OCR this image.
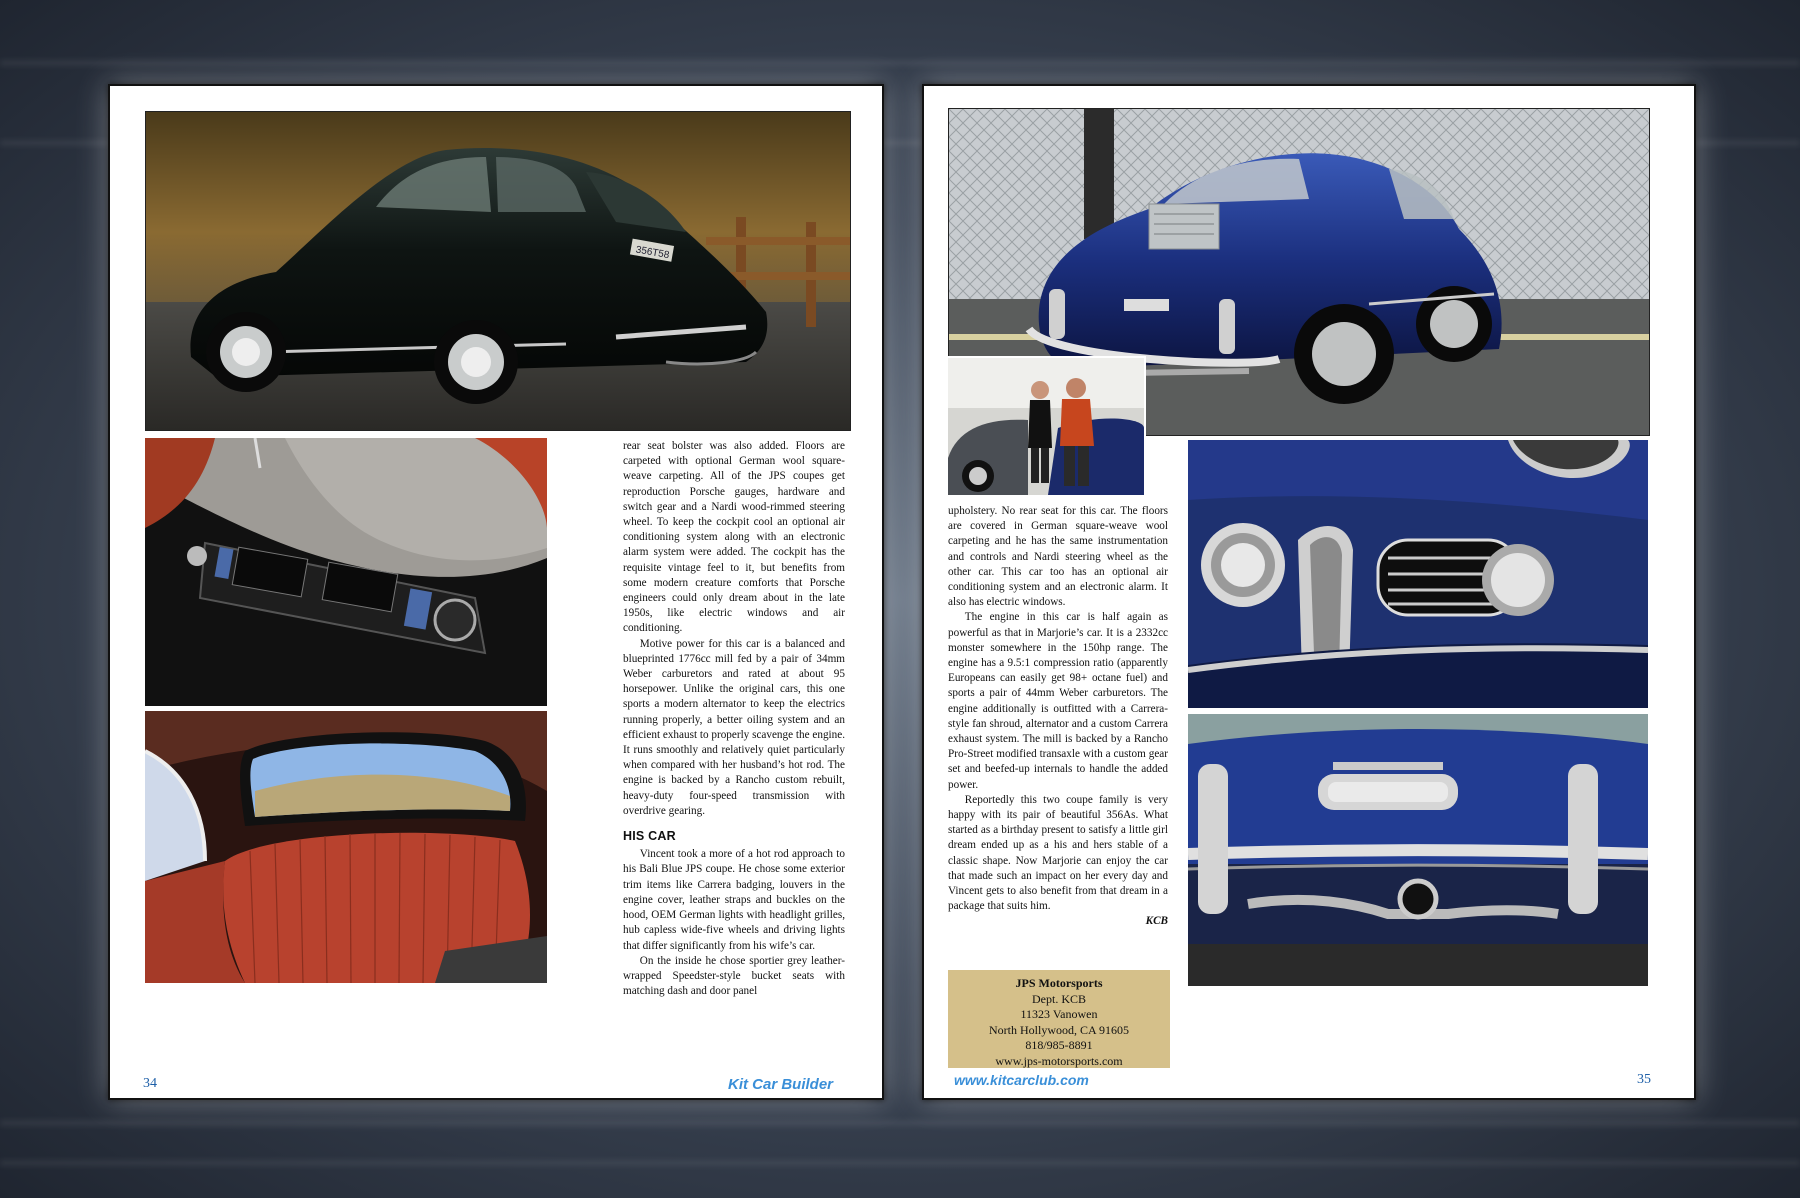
356T58

rear seat bolster was also added. Floors are carpeted with optional German wool square-weave carpeting. All of the JPS coupes get reproduction Porsche gauges, hardware and switch gear and a Nardi wood-rimmed steering wheel. To keep the cockpit cool an optional air conditioning system along with an electronic alarm system were added. The cockpit has the requisite vintage feel to it, but benefits from some modern creature comforts that Porsche engineers could only dream about in the late 1950s, like electric windows and air conditioning.

Motive power for this car is a balanced and blueprinted 1776cc mill fed by a pair of 34mm Weber carburetors and rated at about 95 horsepower. Unlike the original cars, this one sports a modern alternator to keep the electrics running properly, a better oiling system and an efficient exhaust to properly scavenge the engine. It runs smoothly and relatively quiet particularly when compared with her husband’s hot rod. The engine is backed by a Rancho custom rebuilt, heavy-duty four-speed transmission with overdrive gearing.

HIS CAR

Vincent took a more of a hot rod approach to his Bali Blue JPS coupe. He chose some exterior trim items like Carrera badging, louvers in the engine cover, leather straps and buckles on the hood, OEM German lights with headlight grilles, hub capless wide-five wheels and driving lights that differ significantly from his wife’s car.

On the inside he chose sportier grey leather-wrapped Speedster-style bucket seats with matching dash and door panel

34	Kit Car Builder

upholstery. No rear seat for this car. The floors are covered in German square-weave wool carpeting and he has the same instrumentation and controls and Nardi steering wheel as the other car. This car too has an optional air conditioning system and an electronic alarm. It also has electric windows.

The engine in this car is half again as powerful as that in Marjorie’s car. It is a 2332cc monster somewhere in the 150hp range. The engine has a 9.5:1 compression ratio (apparently Europeans can easily get 98+ octane fuel) and sports a pair of 44mm Weber carburetors. The engine additionally is outfitted with a Carrera-style fan shroud, alternator and a custom Carrera exhaust system. The mill is backed by a Rancho Pro-Street modified transaxle with a custom gear set and beefed-up internals to handle the added power.

Reportedly this two coupe family is very happy with its pair of beautiful 356As. What started as a birthday present to satisfy a little girl dream ended up as a his and hers stable of a classic shape. Now Marjorie can enjoy the car that made such an impact on her every day and Vincent gets to also benefit from that dream in a package that suits him.

KCB
JPS Motorsports
Dept. KCB
11323 Vanowen
North Hollywood, CA 91605
818/985-8891
www.jps-motorsports.com
www.kitcarclub.com	35
